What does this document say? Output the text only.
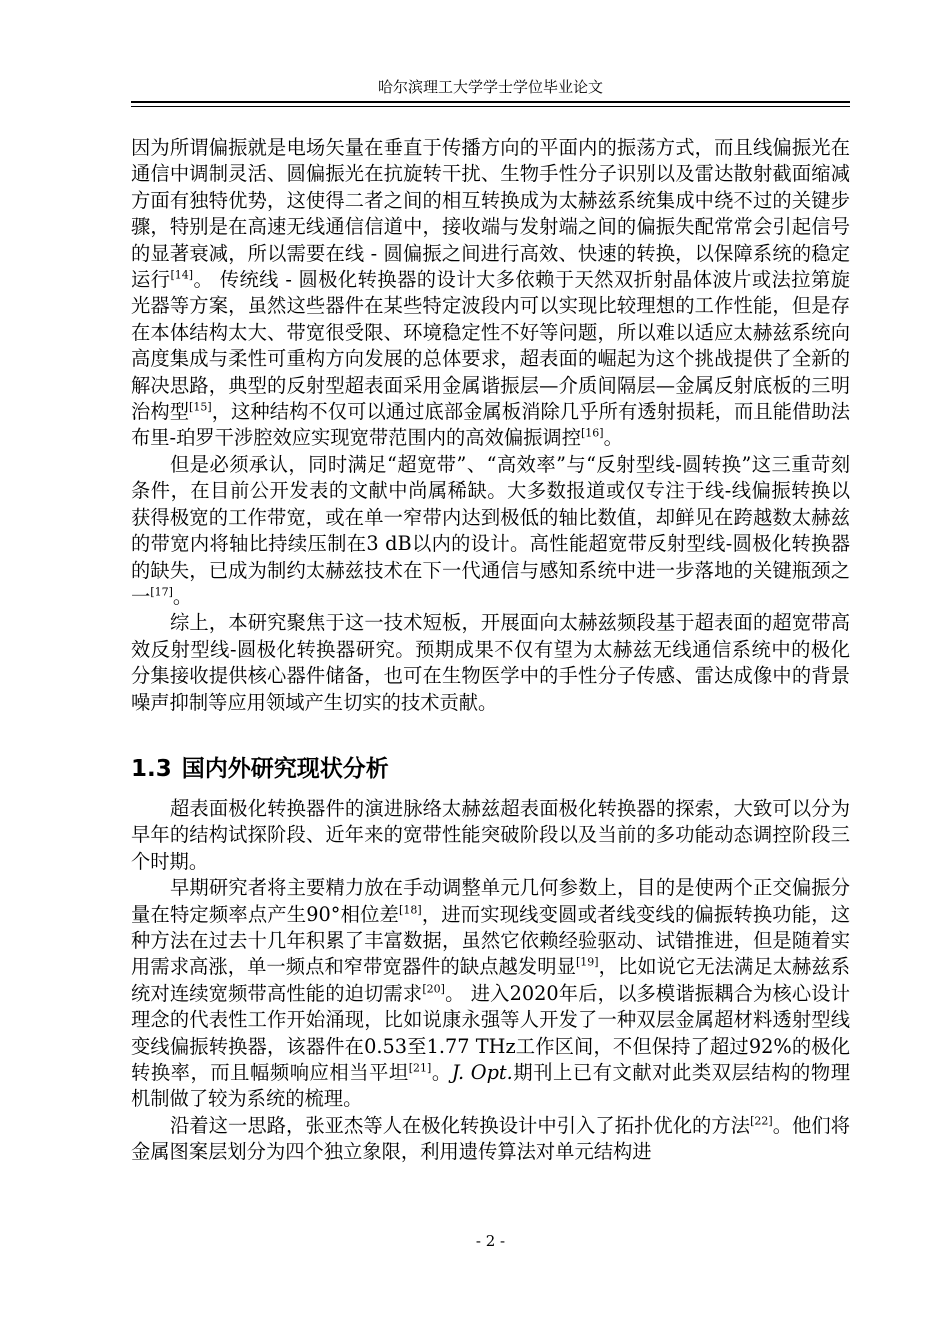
哈尔滨理工大学学士学位毕业论文

因为所谓偏振就是电场矢量在垂直于传播方向的平面内的振荡方式，而且线偏振光在通信中调制灵活、圆偏振光在抗旋转干扰、生物手性分子识别以及雷达散射截面缩减方面有独特优势，这使得二者之间的相互转换成为太赫兹系统集成中绕不过的关键步骤，特别是在高速无线通信信道中，接收端与发射端之间的偏振失配常常会引起信号的显著衰减，所以需要在线 - 圆偏振之间进行高效、快速的转换，以保障系统的稳定运行[14]。 传统线 - 圆极化转换器的设计大多依赖于天然双折射晶体波片或法拉第旋光器等方案，虽然这些器件在某些特定波段内可以实现比较理想的工作性能，但是存在本体结构太大、带宽很受限、环境稳定性不好等问题，所以难以适应太赫兹系统向高度集成与柔性可重构方向发展的总体要求，超表面的崛起为这个挑战提供了全新的解决思路，典型的反射型超表面采用金属谐振层—介质间隔层—金属反射底板的三明治构型[15]，这种结构不仅可以通过底部金属板消除几乎所有透射损耗，而且能借助法布里-珀罗干涉腔效应实现宽带范围内的高效偏振调控[16]。

但是必须承认，同时满足“超宽带”、“高效率”与“反射型线-圆转换”这三重苛刻条件，在目前公开发表的文献中尚属稀缺。大多数报道或仅专注于线-线偏振转换以获得极宽的工作带宽，或在单一窄带内达到极低的轴比数值，却鲜见在跨越数太赫兹的带宽内将轴比持续压制在3 dB以内的设计。高性能超宽带反射型线-圆极化转换器的缺失，已成为制约太赫兹技术在下一代通信与感知系统中进一步落地的关键瓶颈之一[17]。

综上，本研究聚焦于这一技术短板，开展面向太赫兹频段基于超表面的超宽带高效反射型线-圆极化转换器研究。预期成果不仅有望为太赫兹无线通信系统中的极化分集接收提供核心器件储备，也可在生物医学中的手性分子传感、雷达成像中的背景噪声抑制等应用领域产生切实的技术贡献。

1.3 国内外研究现状分析

超表面极化转换器件的演进脉络太赫兹超表面极化转换器的探索，大致可以分为早年的结构试探阶段、近年来的宽带性能突破阶段以及当前的多功能动态调控阶段三个时期。

早期研究者将主要精力放在手动调整单元几何参数上，目的是使两个正交偏振分量在特定频率点产生90°相位差[18]，进而实现线变圆或者线变线的偏振转换功能，这种方法在过去十几年积累了丰富数据，虽然它依赖经验驱动、试错推进，但是随着实用需求高涨，单一频点和窄带宽器件的缺点越发明显[19]，比如说它无法满足太赫兹系统对连续宽频带高性能的迫切需求[20]。 进入2020年后，以多模谐振耦合为核心设计理念的代表性工作开始涌现，比如说康永强等人开发了一种双层金属超材料透射型线变线偏振转换器，该器件在0.53至1.77 THz工作区间，不但保持了超过92%的极化转换率，而且幅频响应相当平坦[21]。J. Opt.期刊上已有文献对此类双层结构的物理机制做了较为系统的梳理。

沿着这一思路，张亚杰等人在极化转换设计中引入了拓扑优化的方法[22]。他们将金属图案层划分为四个独立象限，利用遗传算法对单元结构进

- 2 -
